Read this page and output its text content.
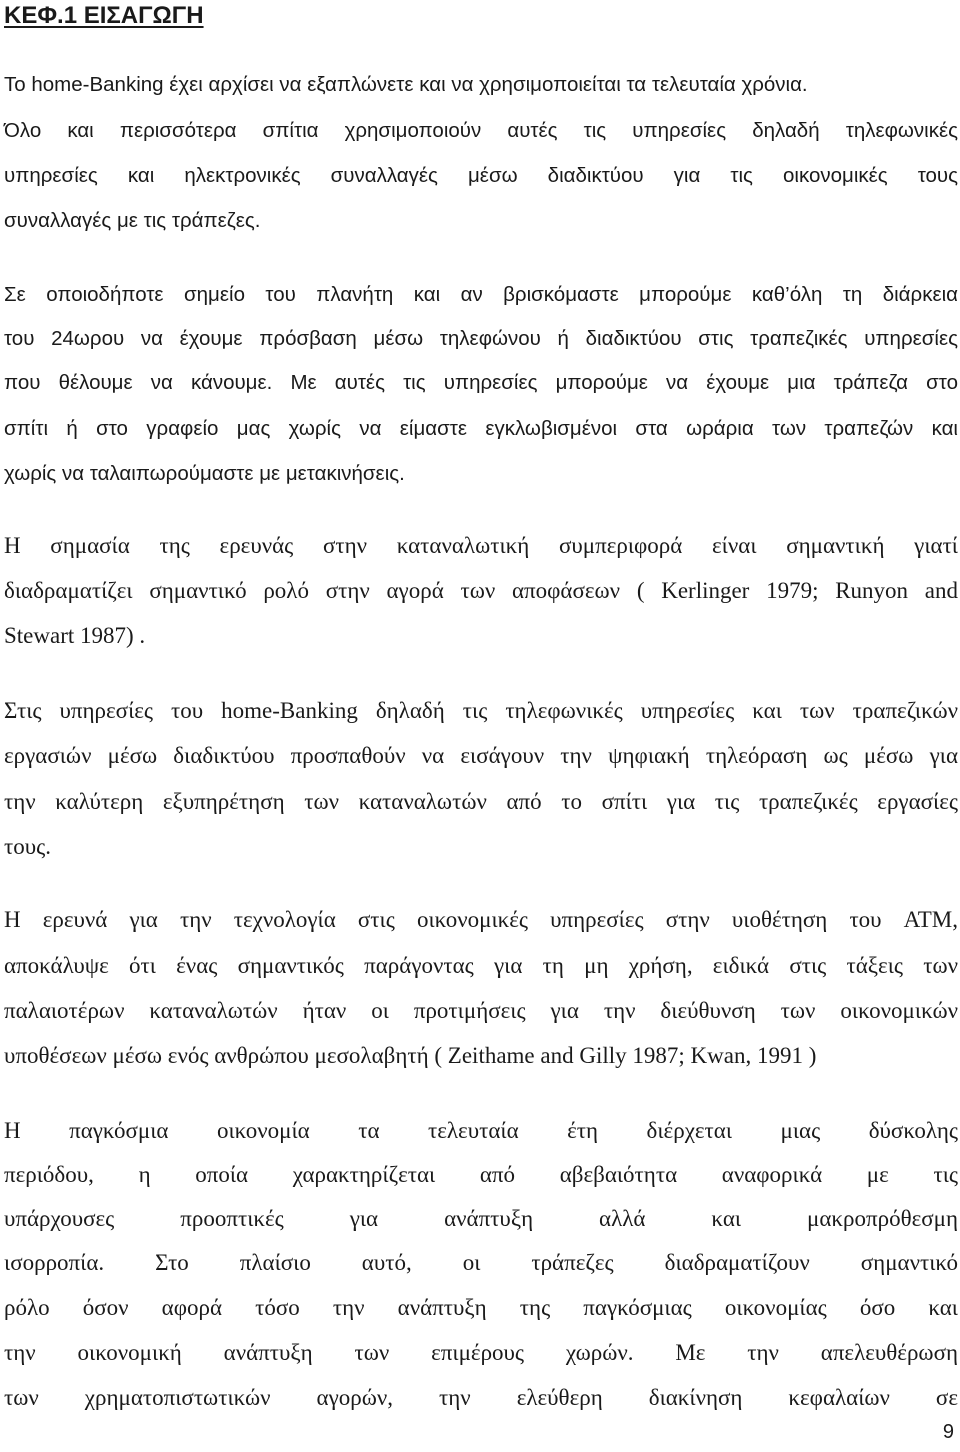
ΚΕΦ.1 ΕΙΣΑΓΩΓΗ
Το home-Banking έχει αρχίσει να εξαπλώνετε και να χρησιμοποιείται τα τελευταία χρόνια.
Όλο και περισσότερα σπίτια χρησιμοποιούν αυτές τις υπηρεσίες δηλαδή τηλεφωνικές
υπηρεσίες και ηλεκτρονικές συναλλαγές μέσω διαδικτύου για τις οικονομικές τους
συναλλαγές με τις τράπεζες.
Σε οποιοδήποτε σημείο του πλανήτη και αν βρισκόμαστε μπορούμε καθ’όλη τη διάρκεια
του 24ωρου να έχουμε πρόσβαση μέσω τηλεφώνου ή διαδικτύου στις τραπεζικές υπηρεσίες
που θέλουμε να κάνουμε. Με αυτές τις υπηρεσίες μπορούμε να έχουμε μια τράπεζα στο
σπίτι ή στο γραφείο μας χωρίς να είμαστε εγκλωβισμένοι στα ωράρια των τραπεζών και
χωρίς να ταλαιπωρούμαστε με μετακινήσεις.
Η σημασία της ερευνάς στην καταναλωτική συμπεριφορά είναι σημαντική γιατί
διαδραματίζει σημαντικό ρολό στην αγορά των αποφάσεων ( Kerlinger 1979; Runyon and
Stewart 1987) .
Στις υπηρεσίες του home-Banking δηλαδή τις τηλεφωνικές υπηρεσίες και των τραπεζικών
εργασιών μέσω διαδικτύου προσπαθούν να εισάγουν την ψηφιακή τηλεόραση ως μέσω για
την καλύτερη εξυπηρέτηση των καταναλωτών από το σπίτι για τις τραπεζικές εργασίες
τους.
Η ερευνά για την τεχνολογία στις οικονομικές υπηρεσίες στην υιοθέτηση του ATM,
αποκάλυψε ότι ένας σημαντικός παράγοντας για τη μη χρήση, ειδικά στις τάξεις των
παλαιοτέρων καταναλωτών ήταν οι προτιμήσεις για την διεύθυνση των οικονομικών
υποθέσεων μέσω ενός ανθρώπου μεσολαβητή ( Zeithame and Gilly 1987; Kwan, 1991 )
Η παγκόσμια οικονομία τα τελευταία έτη διέρχεται μιας δύσκολης
περιόδου, η οποία χαρακτηρίζεται από αβεβαιότητα αναφορικά με τις
υπάρχουσες προοπτικές για ανάπτυξη αλλά και μακροπρόθεσμη
ισορροπία. Στο πλαίσιο αυτό, οι τράπεζες διαδραματίζουν σημαντικό
ρόλο όσον αφορά τόσο την ανάπτυξη της παγκόσμιας οικονομίας όσο και
την οικονομική ανάπτυξη των επιμέρους χωρών. Με την απελευθέρωση
των χρηματοπιστωτικών αγορών, την ελεύθερη διακίνηση κεφαλαίων σε
9
